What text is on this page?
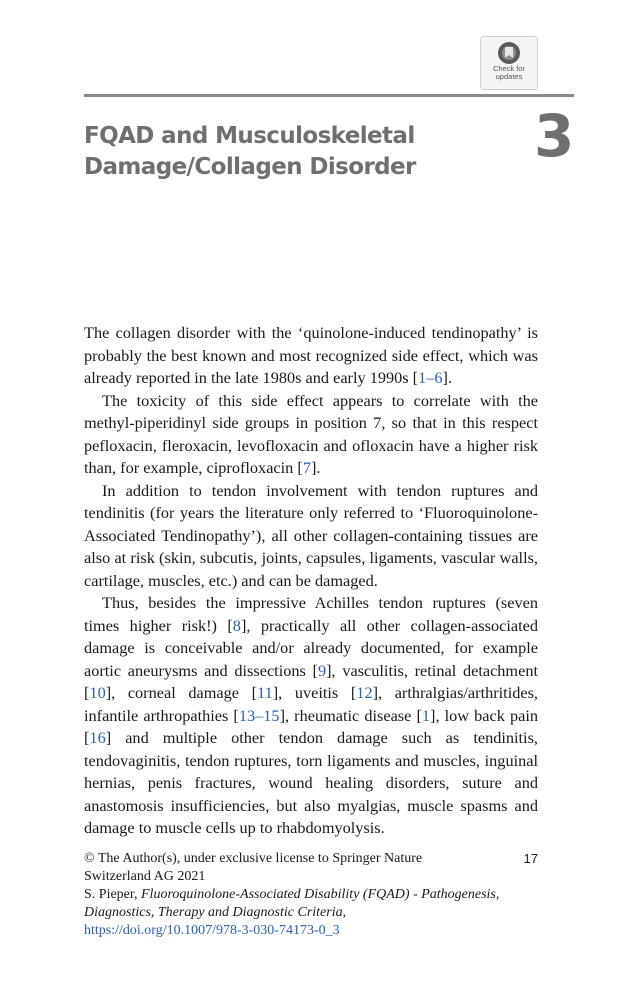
Check for
updates
FQAD and Musculoskeletal
Damage/Collagen Disorder	3

The collagen disorder with the ‘quinolone-induced tendinopathy’ is probably the best known and most recognized side effect, which was already reported in the late 1980s and early 1990s [1–6].

The toxicity of this side effect appears to correlate with the methyl-piperidinyl side groups in position 7, so that in this respect pefloxacin, fleroxacin, levofloxacin and ofloxacin have a higher risk than, for example, ciprofloxacin [7].

In addition to tendon involvement with tendon ruptures and tendinitis (for years the literature only referred to ‘Fluoroquinolone-Associated Tendinopathy’), all other collagen-containing tissues are also at risk (skin, subcutis, joints, capsules, ligaments, vascular walls, cartilage, muscles, etc.) and can be damaged.

Thus, besides the impressive Achilles tendon ruptures (seven times higher risk!) [8], practically all other collagen-associated damage is conceivable and/or already documented, for example aortic aneurysms and dissections [9], vasculitis, retinal detachment [10], corneal damage [11], uveitis [12], arthralgias/arthritides, infantile arthropathies [13–15], rheumatic disease [1], low back pain [16] and multiple other tendon damage such as tendinitis, tendovaginitis, tendon ruptures, torn ligaments and muscles, inguinal hernias, penis fractures, wound healing disorders, suture and anastomosis insufficiencies, but also myalgias, muscle spasms and damage to muscle cells up to rhabdomyolysis.

© The Author(s), under exclusive license to Springer Nature	17
Switzerland AG 2021
S. Pieper, Fluoroquinolone-Associated Disability (FQAD) - Pathogenesis, Diagnostics, Therapy and Diagnostic Criteria,
https://doi.org/10.1007/978-3-030-74173-0_3
